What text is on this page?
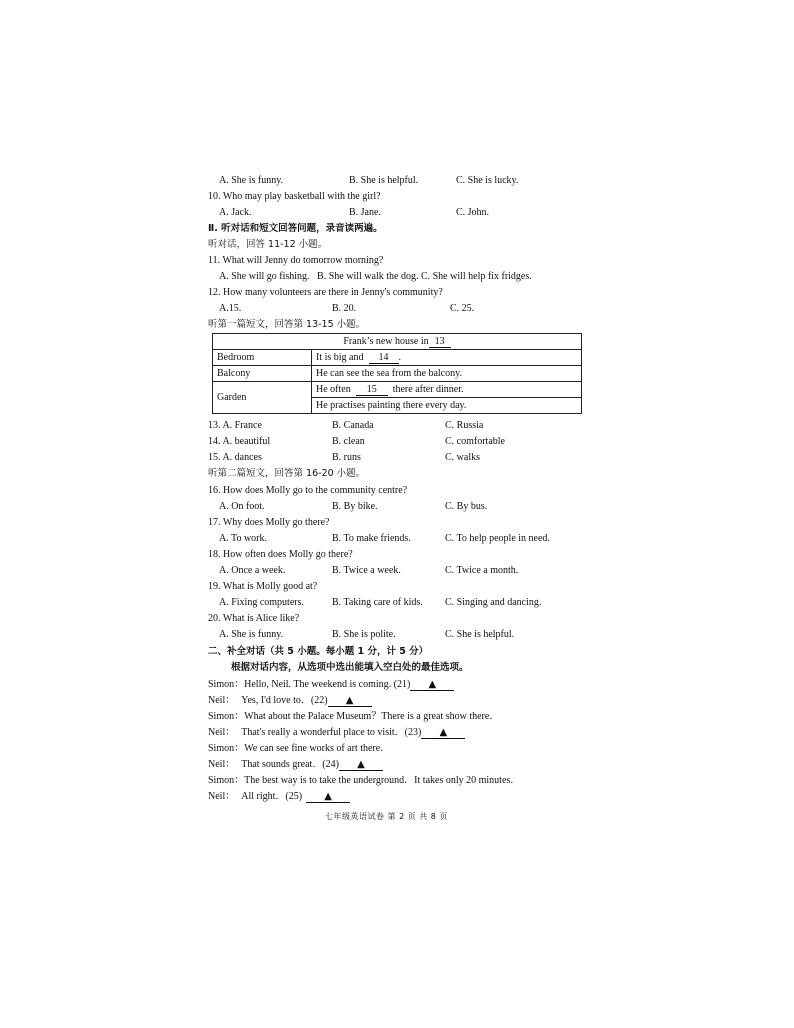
A. She is funny.	B. She is helpful.	C. She is lucky.
10. Who may play basketball with the girl?
A. Jack.	B. Jane.	C. John.
Ⅱ. 听对话和短文回答问题，录音读两遍。
听对话，回答 11-12 小题。
11. What will Jenny do tomorrow morning?
A. She will go fishing.   B. She will walk the dog. C. She will help fix fridges.
12. How many volunteers are there in Jenny's community?
A.15.	B. 20.	C. 25.
听第一篇短文，回答第 13-15 小题。
Frank’s new house in 13	
Bedroom	It is big and 14 .
Balcony	He can see the sea from the balcony.
Garden	He often 15 there after dinner.
	He practises painting there every day.
13. A. France	B. Canada	C. Russia
14. A. beautiful	B. clean	C. comfortable
15. A. dances	B. runs	C. walks
听第二篇短文，回答第 16-20 小题。
16. How does Molly go to the community centre?
A. On foot.	B. By bike.	C. By bus.
17. Why does Molly go there?
A. To work.	B. To make friends.	C. To help people in need.
18. How often does Molly go there?
A. Once a week.	B. Twice a week.	C. Twice a month.
19. What is Molly good at?
A. Fixing computers.	B. Taking care of kids. C. Singing and dancing.
20. What is Alice like?
A. She is funny.	B. She is polite.	C. She is helpful.
二、补全对话（共 5 小题。每小题 1 分，计 5 分）
根据对话内容，从选项中选出能填入空白处的最佳选项。
Simon：Hello, Neil. The weekend is coming. (21) ▲
Neil： Yes, I'd love to．(22) ▲
Simon：What about the Palace Museum？There is a great show there．
Neil： That's really a wonderful place to visit．(23) ▲
Simon：We can see fine works of art there．
Neil： That sounds great．(24) ▲
Simon：The best way is to take the underground．It takes only 20 minutes．
Neil： All right．(25) ▲
七年级英语试卷 第 2 页 共 8 页
